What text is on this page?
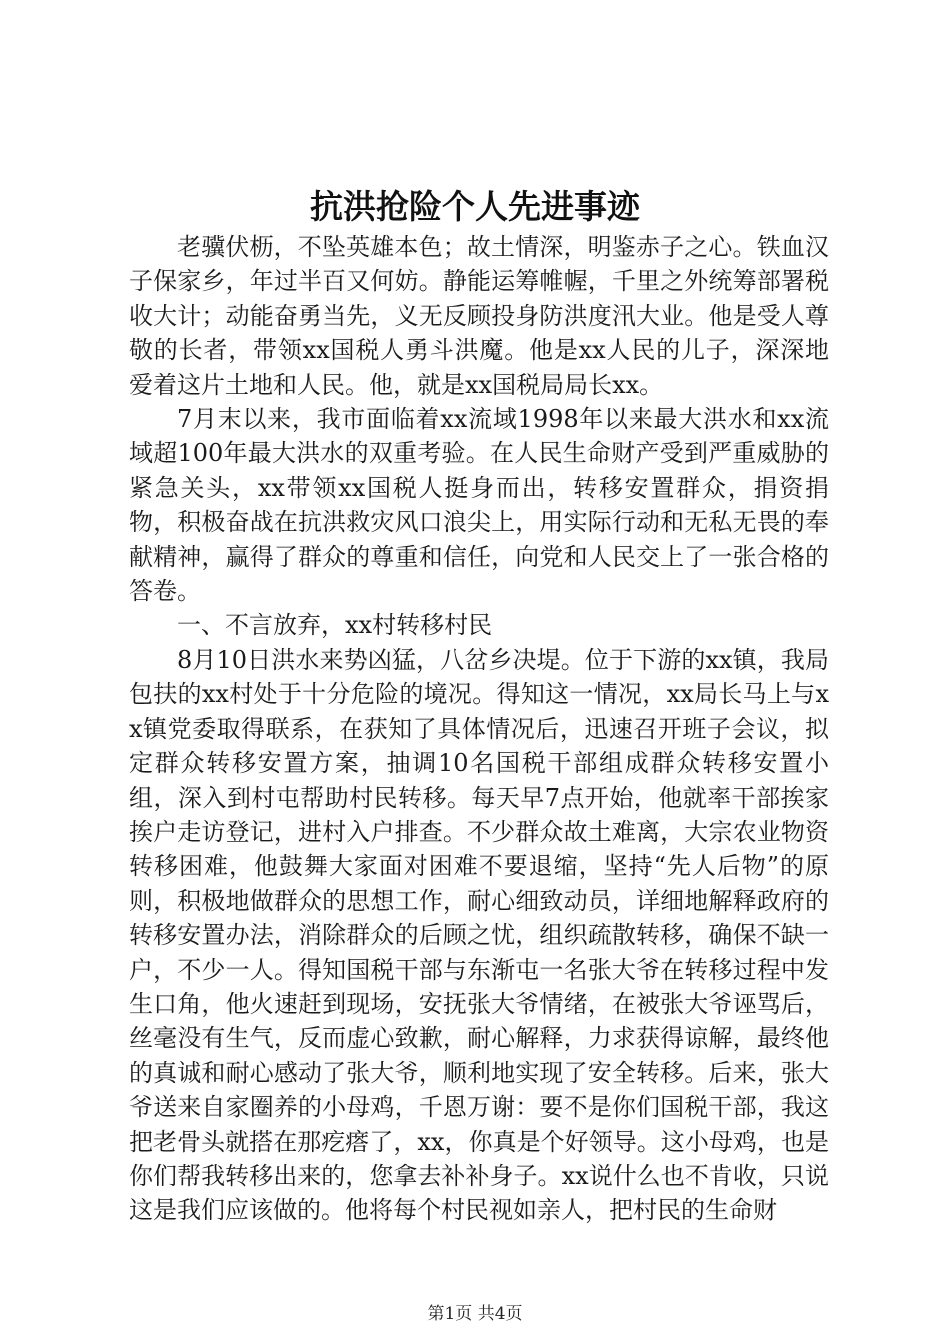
抗洪抢险个人先进事迹

老骥伏枥，不坠英雄本色；故土情深，明鉴赤子之心。铁血汉子保家乡，年过半百又何妨。静能运筹帷幄，千里之外统筹部署税收大计；动能奋勇当先，义无反顾投身防洪度汛大业。他是受人尊敬的长者，带领xx国税人勇斗洪魔。他是xx人民的儿子，深深地爱着这片土地和人民。他，就是xx国税局局长xx。

7月末以来，我市面临着xx流域1998年以来最大洪水和xx流域超100年最大洪水的双重考验。在人民生命财产受到严重威胁的紧急关头，xx带领xx国税人挺身而出，转移安置群众，捐资捐物，积极奋战在抗洪救灾风口浪尖上，用实际行动和无私无畏的奉献精神，赢得了群众的尊重和信任，向党和人民交上了一张合格的答卷。

一、不言放弃，xx村转移村民

8月10日洪水来势凶猛，八岔乡决堤。位于下游的xx镇，我局包扶的xx村处于十分危险的境况。得知这一情况，xx局长马上与xx镇党委取得联系，在获知了具体情况后，迅速召开班子会议，拟定群众转移安置方案，抽调10名国税干部组成群众转移安置小组，深入到村屯帮助村民转移。每天早7点开始，他就率干部挨家挨户走访登记，进村入户排查。不少群众故土难离，大宗农业物资转移困难，他鼓舞大家面对困难不要退缩，坚持“先人后物”的原则，积极地做群众的思想工作，耐心细致动员，详细地解释政府的转移安置办法，消除群众的后顾之忧，组织疏散转移，确保不缺一户，不少一人。得知国税干部与东渐屯一名张大爷在转移过程中发生口角，他火速赶到现场，安抚张大爷情绪，在被张大爷诬骂后，丝毫没有生气，反而虚心致歉，耐心解释，力求获得谅解，最终他的真诚和耐心感动了张大爷，顺利地实现了安全转移。后来，张大爷送来自家圈养的小母鸡，千恩万谢：要不是你们国税干部，我这把老骨头就搭在那疙瘩了，xx，你真是个好领导。这小母鸡，也是你们帮我转移出来的，您拿去补补身子。xx说什么也不肯收，只说这是我们应该做的。他将每个村民视如亲人，把村民的生命财

第1页 共4页
